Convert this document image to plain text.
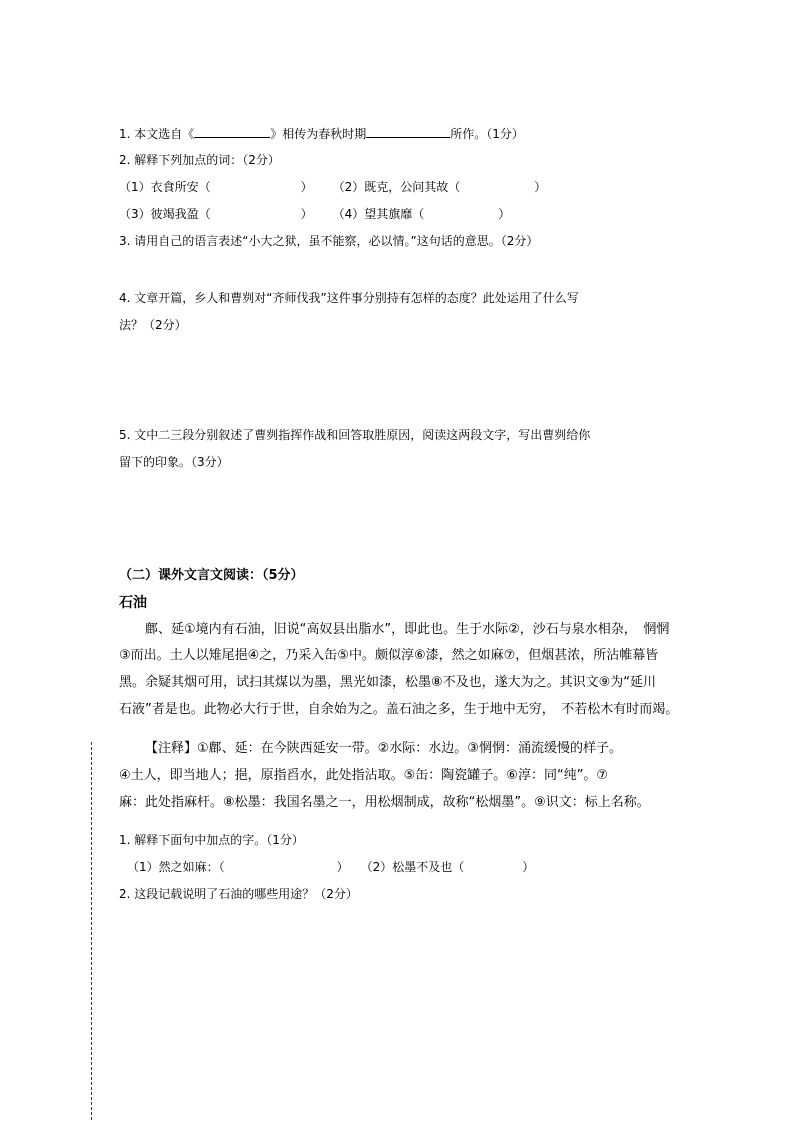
1. 本文选自《	》相传为春秋时期	所作。（1分）
2. 解释下列加点的词：（2分）
（1）衣食所安（	） （2）既克，公问其故（	）
（3）彼竭我盈（	） （4）望其旗靡（	）
3. 请用自己的语言表述“小大之狱，虽不能察，必以情。”这句话的意思。（2分）
4. 文章开篇，乡人和曹刿对“齐师伐我”这件事分别持有怎样的态度？此处运用了什么写
法？（2分）
5. 文中二三段分别叙述了曹刿指挥作战和回答取胜原因，阅读这两段文字，写出曹刿给你
留下的印象。（3分）
（二）课外文言文阅读：（5分）
石油
鄜、延①境内有石油，旧说“高奴县出脂水”，即此也。生于水际②，沙石与泉水相杂，　惘惘
③而出。土人以雉尾挹④之，乃采入缶⑤中。颇似淳⑥漆，然之如麻⑦，但烟甚浓，所沾帷幕皆
黑。余疑其烟可用，试扫其煤以为墨，黑光如漆，松墨⑧不及也，遂大为之。其识文⑨为“延川
石液”者是也。此物必大行于世，自余始为之。盖石油之多，生于地中无穷，　不若松木有时而竭。
【注释】①鄜、延：在今陕西延安一带。②水际：水边。③惘惘：涌流缓慢的样子。
④土人，即当地人；挹，原指舀水，此处指沾取。⑤缶：陶瓷罐子。⑥淳：同“纯”。⑦
麻：此处指麻杆。⑧松墨：我国名墨之一，用松烟制成，故称“松烟墨”。⑨识文：标上名称。
1. 解释下面句中加点的字。（1分）
（1）然之如麻：（	） （2）松墨不及也（	）
2. 这段记载说明了石油的哪些用途？（2分）
